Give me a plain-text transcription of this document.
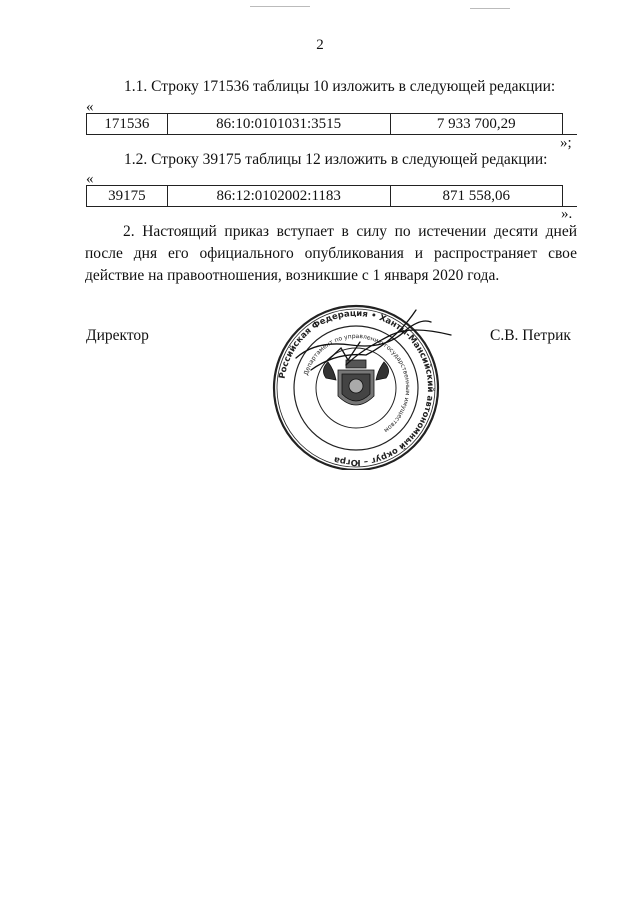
2
1.1. Строку 171536 таблицы 10 изложить в следующей редакции:
«
171536	86:10:0101031:3515	7 933 700,29	
»;
1.2. Строку 39175 таблицы 12 изложить в следующей редакции:
«
39175	86:12:0102002:1183	871 558,06	
».
2. Настоящий приказ вступает в силу по истечении десяти дней после дня его официального опубликования и распространяет свое действие на правоотношения, возникшие с 1 января 2020 года.
Директор	С.В. Петрик
Российская Федерация • Ханты-Мансийский автономный округ – Югра
Департамент по управлению государственным имуществом
